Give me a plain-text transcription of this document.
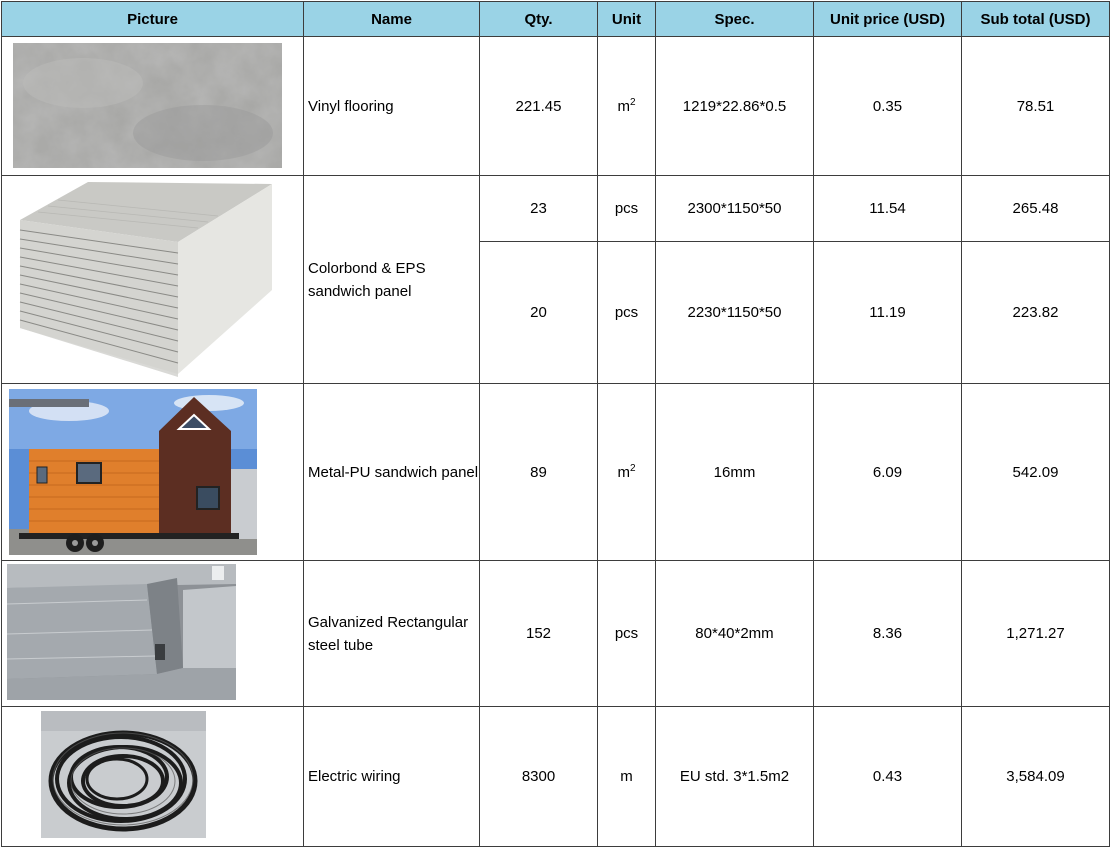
Picture	Name	Qty.	Unit	Spec.	Unit price (USD)	Sub total (USD)

	Vinyl flooring	221.45	$m^2$	1219*22.86*0.5	0.35	78.51

	Colorbond & EPS sandwich panel	23	pcs	2300*1150*50	11.54	265.48
		20	pcs	2230*1150*50	11.19	223.82

	Metal-PU sandwich panel	89	$m^2$	16mm	6.09	542.09

	Galvanized Rectangular steel tube	152	pcs	80*40*2mm	8.36	1,271.27

	Electric wiring	8300	m	EU std. 3*1.5m2	0.43	3,584.09
